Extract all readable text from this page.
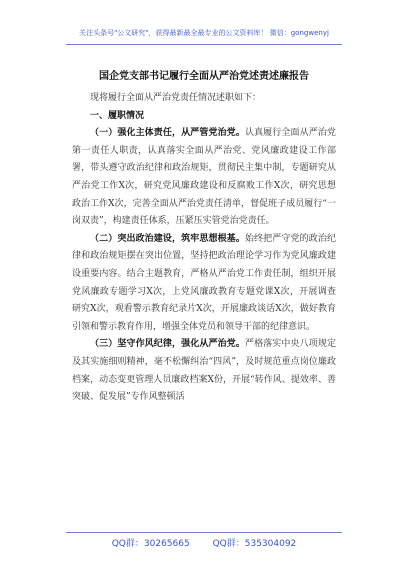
关注头条号"公文研究"，获得最新最全最专业的公文资料库！ 微信：gongwenyj
国企党支部书记履行全面从严治党述责述廉报告

现将履行全面从严治党责任情况述职如下：

一、履职情况

（一）强化主体责任，从严管党治党。认真履行全面从严治党第一责任人职责，认真落实全面从严治党、党风廉政建设工作部署，带头遵守政治纪律和政治规矩，贯彻民主集中制，专题研究从严治党工作X次，研究党风廉政建设和反腐败工作X次，研究思想政治工作X次，完善全面从严治党责任清单，督促班子成员履行“一岗双责”，构建责任体系，压紧压实管党治党责任。

（二）突出政治建设，筑牢思想根基。始终把严守党的政治纪律和政治规矩摆在突出位置，坚持把政治理论学习作为党风廉政建设重要内容。结合主题教育，严格从严治党工作责任制，组织开展党风廉政专题学习X次，上党风廉政教育专题党课X次，开展调查研究X次，观看警示教育纪录片X次，开展廉政谈话X次，做好教育引领和警示教育作用，增强全体党员和领导干部的纪律意识。

（三）坚守作风纪律，强化从严治党。严格落实中央八项规定及其实施细则精神，毫不松懈纠治“四风”，及时规范重点岗位廉政档案，动态变更管理人员廉政档案X份，开展“转作风、提效率、善突破、促发展”专作风整顿活

QQ群：30265665	QQ群：535304092
